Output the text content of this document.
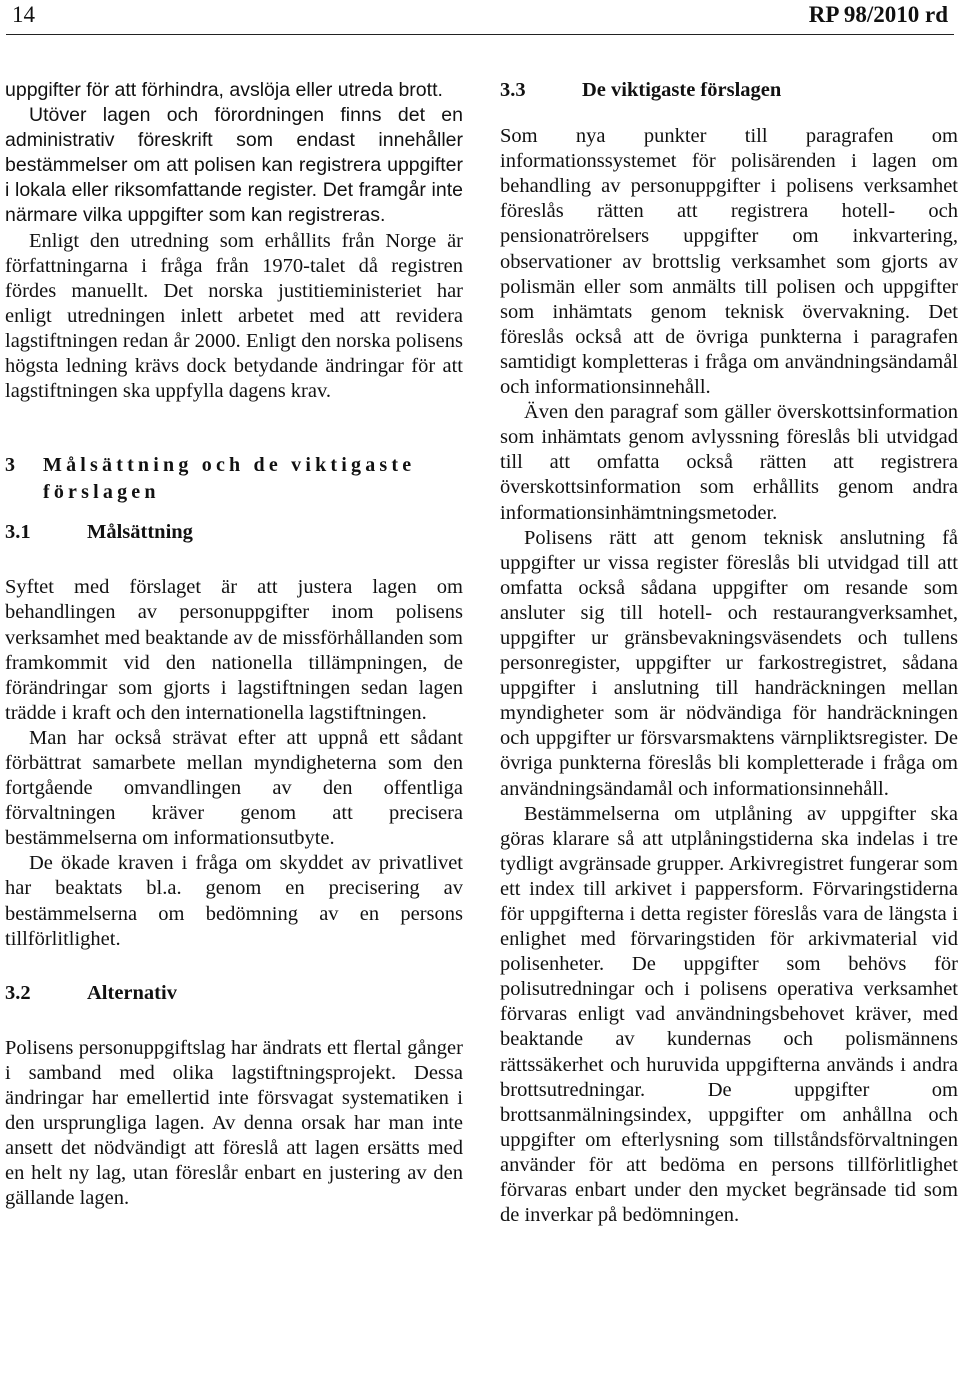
14	RP 98/2010 rd

uppgifter för att förhindra, avslöja eller utreda brott.

Utöver lagen och förordningen finns det en administrativ föreskrift som endast innehåller bestämmelser om att polisen kan registrera uppgifter i lokala eller riksomfattande register. Det framgår inte närmare vilka uppgifter som kan registreras.

Enligt den utredning som erhållits från Norge är författningarna i fråga från 1970-talet då registren fördes manuellt. Det norska justitieministeriet har enligt utredningen inlett arbetet med att revidera lagstiftningen redan år 2000. Enligt den norska polisens högsta ledning krävs dock betydande ändringar för att lagstiftningen ska uppfylla dagens krav.

3	Målsättning och de viktigaste förslagen
3.1	Målsättning

Syftet med förslaget är att justera lagen om behandlingen av personuppgifter inom polisens verksamhet med beaktande av de missförhållanden som framkommit vid den nationella tillämpningen, de förändringar som gjorts i lagstiftningen sedan lagen trädde i kraft och den internationella lagstiftningen.

Man har också strävat efter att uppnå ett sådant förbättrat samarbete mellan myndigheterna som den fortgående omvandlingen av den offentliga förvaltningen kräver genom att precisera bestämmelserna om informationsutbyte.

De ökade kraven i fråga om skyddet av privatlivet har beaktats bl.a. genom en precisering av bestämmelserna om bedömning av en persons tillförlitlighet.

3.2	Alternativ

Polisens personuppgiftslag har ändrats ett flertal gånger i samband med olika lagstiftningsprojekt. Dessa ändringar har emellertid inte försvagat systematiken i den ursprungliga lagen. Av denna orsak har man inte ansett det nödvändigt att föreslå att lagen ersätts med en helt ny lag, utan föreslår enbart en justering av den gällande lagen.

3.3	De viktigaste förslagen

Som nya punkter till paragrafen om informationssystemet för polisärenden i lagen om behandling av personuppgifter i polisens verksamhet föreslås rätten att registrera hotell- och pensionatrörelsers uppgifter om inkvartering, observationer av brottslig verksamhet som gjorts av polismän eller som anmälts till polisen och uppgifter som inhämtats genom teknisk övervakning. Det föreslås också att de övriga punkterna i paragrafen samtidigt kompletteras i fråga om användningsändamål och informationsinnehåll.

Även den paragraf som gäller överskottsinformation som inhämtats genom avlyssning föreslås bli utvidgad till att omfatta också rätten att registrera överskottsinformation som erhållits genom andra informationsinhämtningsmetoder.

Polisens rätt att genom teknisk anslutning få uppgifter ur vissa register föreslås bli utvidgad till att omfatta också sådana uppgifter om resande som ansluter sig till hotell- och restaurangverksamhet, uppgifter ur gränsbevakningsväsendets och tullens personregister, uppgifter ur farkostregistret, sådana uppgifter i anslutning till handräckningen mellan myndigheter som är nödvändiga för handräckningen och uppgifter ur försvarsmaktens värnpliktsregister. De övriga punkterna föreslås bli kompletterade i fråga om användningsändamål och informationsinnehåll.

Bestämmelserna om utplåning av uppgifter ska göras klarare så att utplåningstiderna ska indelas i tre tydligt avgränsade grupper. Arkivregistret fungerar som ett index till arkivet i pappersform. Förvaringstiderna för uppgifterna i detta register föreslås vara de längsta i enlighet med förvaringstiden för arkivmaterial vid polisenheter. De uppgifter som behövs för polisutredningar och i polisens operativa verksamhet förvaras enligt vad användningsbehovet kräver, med beaktande av kundernas och polismännens rättssäkerhet och huruvida uppgifterna används i andra brottsutredningar. De uppgifter om brottsanmälningsindex, uppgifter om anhållna och uppgifter om efterlysning som tillståndsförvaltningen använder för att bedöma en persons tillförlitlighet förvaras enbart under den mycket begränsade tid som de inverkar på bedömningen.
